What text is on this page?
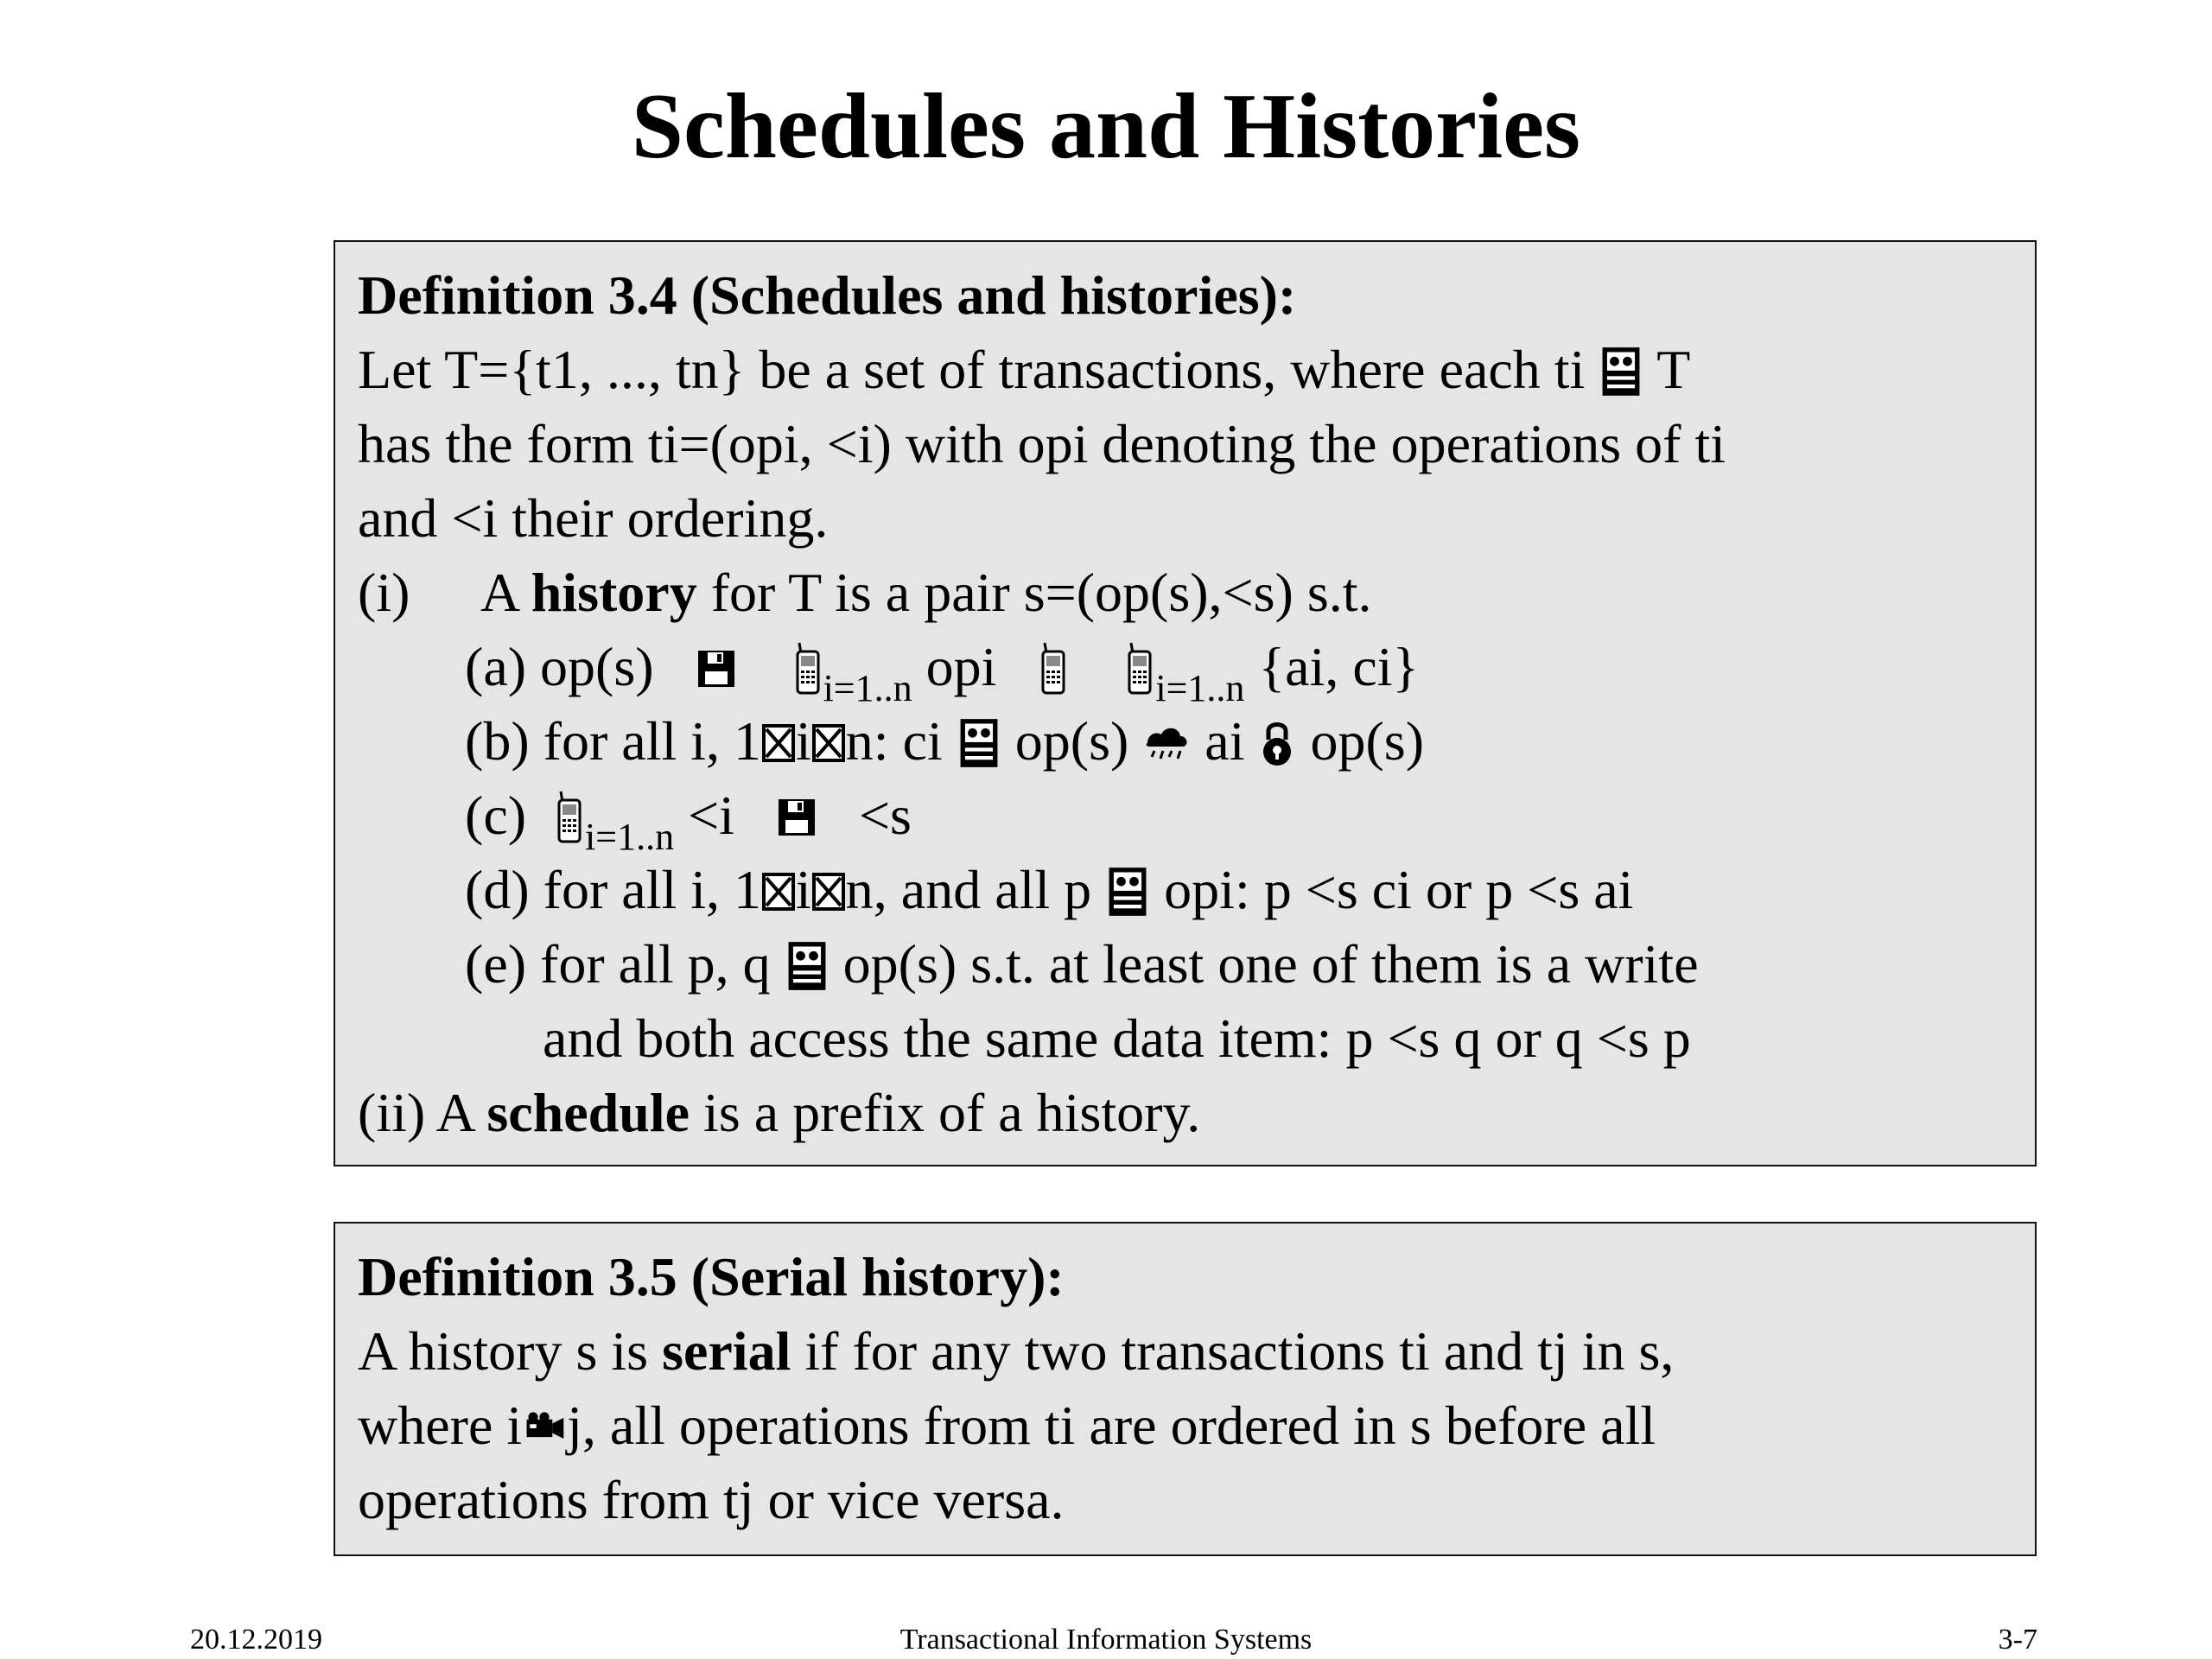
Schedules and Histories
Definition 3.4 (Schedules and histories):
Let T={t1, ..., tn} be a set of transactions, where each ti T
has the form ti=(opi, <i) with opi denoting the operations of ti
and <i their ordering.
(i) A history for T is a pair s=(op(s),<s) s.t.
(a) op(s)	$_{i=1..n}$ opi	$_{i=1..n}$ {ai, ci}
(b) for all i, 1 i n: ci op(s) ai op(s)
(c) $_{i=1..n}$ <i <s
(d) for all i, 1 i n, and all p opi: p <s ci or p <s ai
(e) for all p, q op(s) s.t. at least one of them is a write
and both access the same data item: p <s q or q <s p
(ii) A schedule is a prefix of a history.
Definition 3.5 (Serial history):
A history s is serial if for any two transactions ti and tj in s,
where i j, all operations from ti are ordered in s before all
operations from tj or vice versa.
20.12.2019	Transactional Information Systems	3-7
